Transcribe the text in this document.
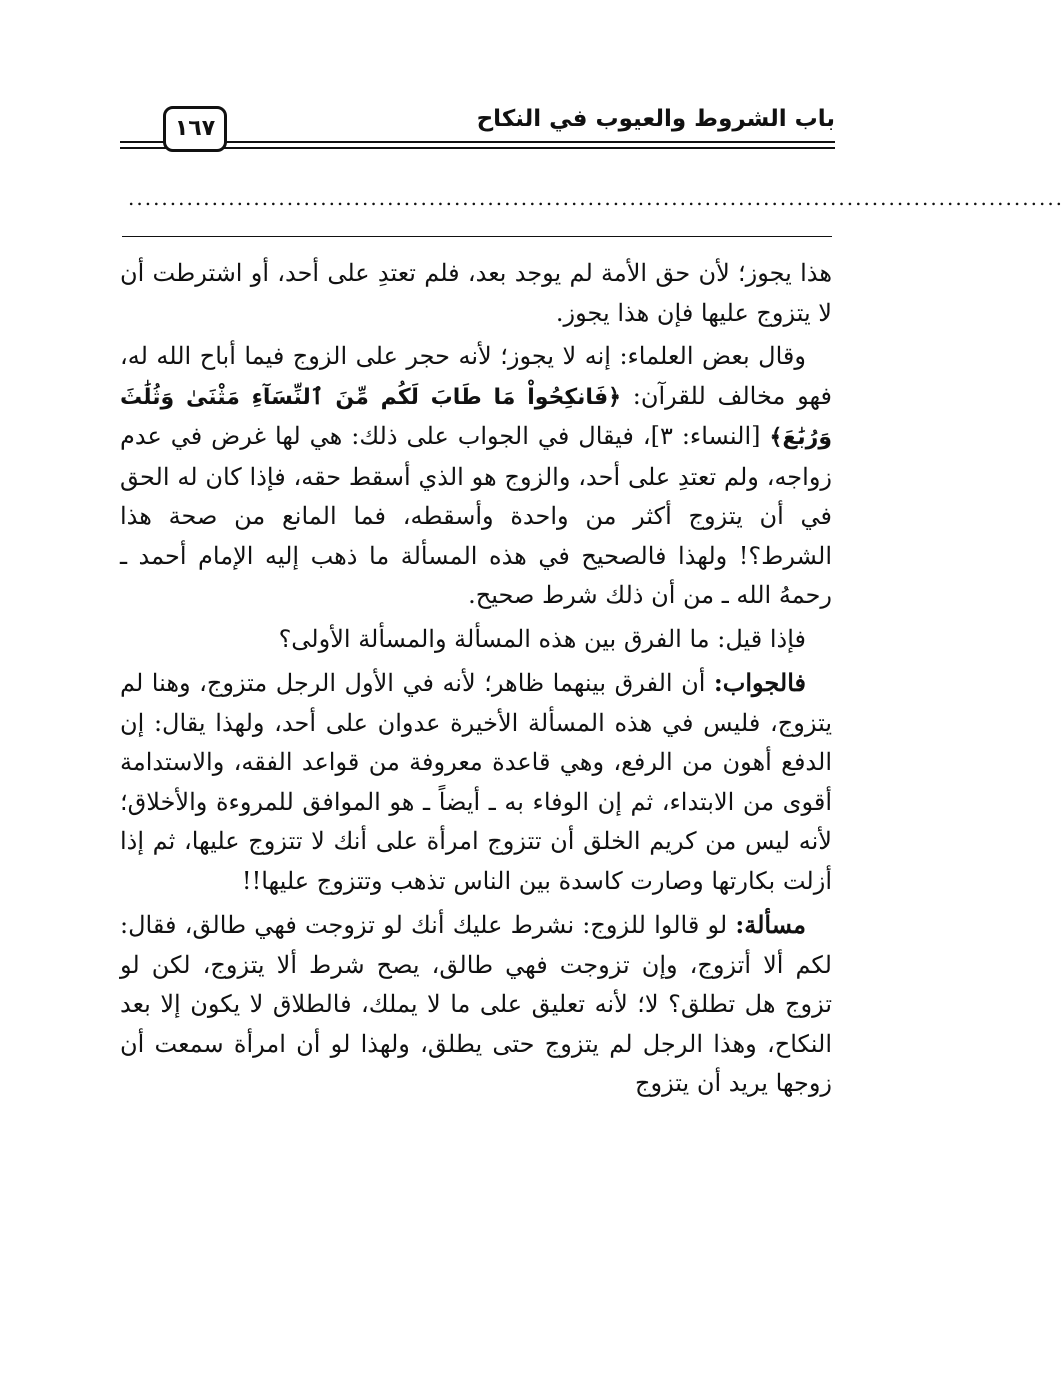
باب الشروط والعيوب في النكاح
١٦٧
................................................................................................................

هذا يجوز؛ لأن حق الأمة لم يوجد بعد، فلم تعتدِ على أحد، أو اشترطت أن لا يتزوج عليها فإن هذا يجوز.

وقال بعض العلماء: إنه لا يجوز؛ لأنه حجر على الزوج فيما أباح الله له، فهو مخالف للقرآن: ﴿فَانكِحُواْ مَا طَابَ لَكُم مِّنَ ٱلنِّسَآءِ مَثْنَىٰ وَثُلَٰثَ وَرُبَٰعَ﴾ [النساء: ٣]، فيقال في الجواب على ذلك: هي لها غرض في عدم زواجه، ولم تعتدِ على أحد، والزوج هو الذي أسقط حقه، فإذا كان له الحق في أن يتزوج أكثر من واحدة وأسقطه، فما المانع من صحة هذا الشرط؟! ولهذا فالصحيح في هذه المسألة ما ذهب إليه الإمام أحمد ـ رحمهُ الله ـ من أن ذلك شرط صحيح.

فإذا قيل: ما الفرق بين هذه المسألة والمسألة الأولى؟

فالجواب: أن الفرق بينهما ظاهر؛ لأنه في الأول الرجل متزوج، وهنا لم يتزوج، فليس في هذه المسألة الأخيرة عدوان على أحد، ولهذا يقال: إن الدفع أهون من الرفع، وهي قاعدة معروفة من قواعد الفقه، والاستدامة أقوى من الابتداء، ثم إن الوفاء به ـ أيضاً ـ هو الموافق للمروءة والأخلاق؛ لأنه ليس من كريم الخلق أن تتزوج امرأة على أنك لا تتزوج عليها، ثم إذا أزلت بكارتها وصارت كاسدة بين الناس تذهب وتتزوج عليها!!

مسألة: لو قالوا للزوج: نشرط عليك أنك لو تزوجت فهي طالق، فقال: لكم ألا أتزوج، وإن تزوجت فهي طالق، يصح شرط ألا يتزوج، لكن لو تزوج هل تطلق؟ لا؛ لأنه تعليق على ما لا يملك، فالطلاق لا يكون إلا بعد النكاح، وهذا الرجل لم يتزوج حتى يطلق، ولهذا لو أن امرأة سمعت أن زوجها يريد أن يتزوج
